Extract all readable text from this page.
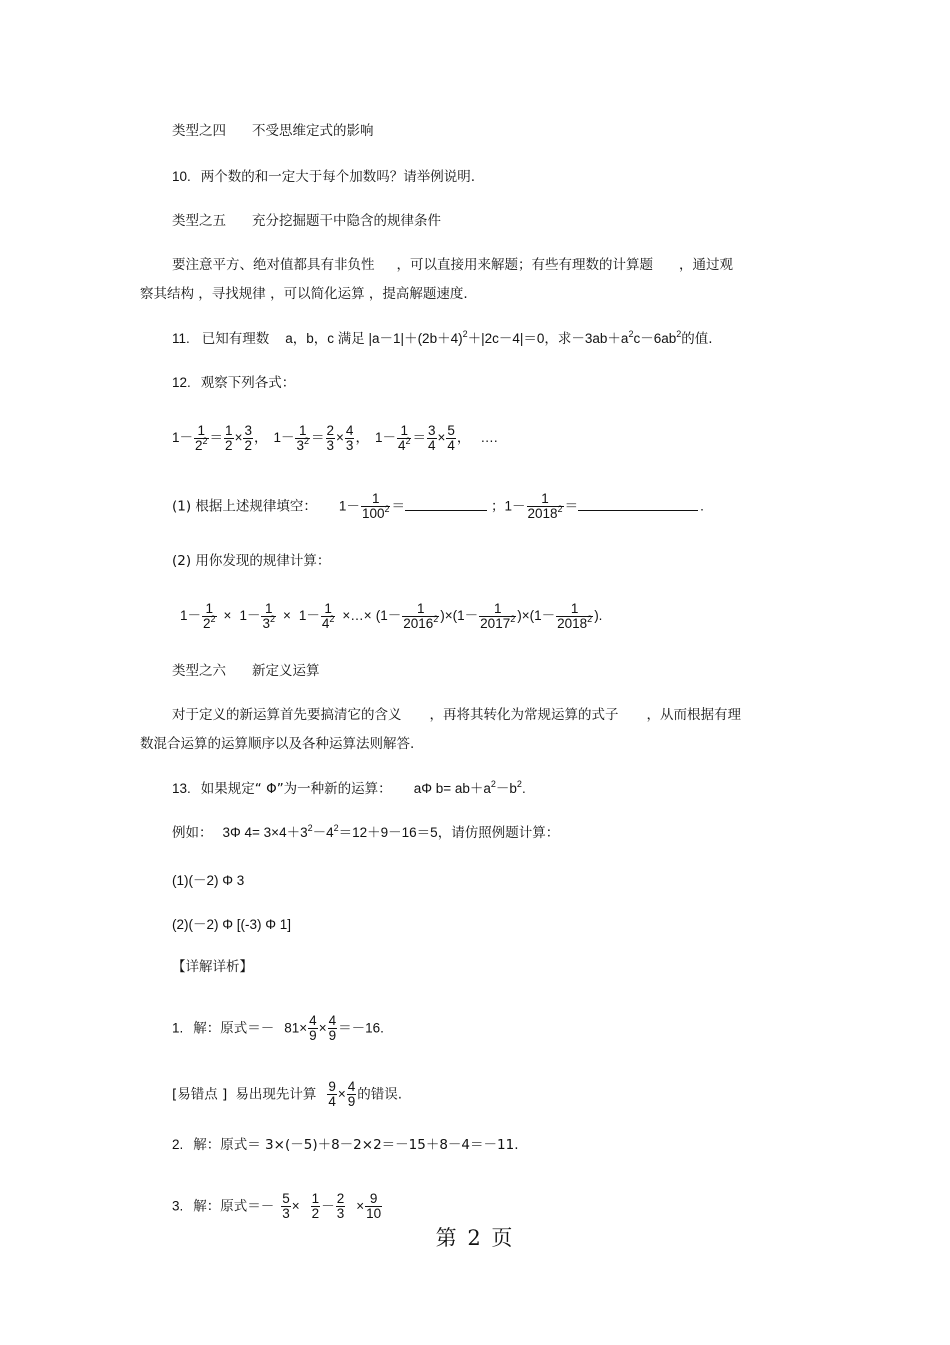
类型之四 不受思维定式的影响
10. 两个数的和一定大于每个加数吗？请举例说明.
类型之五 充分挖掘题干中隐含的规律条件
要注意平方、绝对值都具有非负性 ，可以直接用来解题；有些有理数的计算题 ，通过观
察其结构 ，寻找规律 ，可以简化运算 ，提高解题速度.
11. 已知有理数 a，b，c 满足 $|a-1|+(2b+4)^2+|2c-4|=0$，求$-3ab+a^2c-6ab^2$的值.
12. 观察下列各式：
$1- \frac{1}{2^2} = \frac{1}{2} \times \frac{3}{2}$ ， $1- \frac{1}{3^2} = \frac{2}{3} \times \frac{4}{3}$ ， $1- \frac{1}{4^2} = \frac{3}{4} \times \frac{5}{4}$ ， ….
(1) 根据上述规律填空： $1- \frac{1}{100^2}$ ＝	；$1- \frac{1}{2018^2}$ ＝	.
(2) 用你发现的规律计算：
$1- \frac{1}{2^2} \times 1- \frac{1}{3^2} \times 1- \frac{1}{4^2}$ ×…× $(1- \frac{1}{2016^2} )\times(1- \frac{1}{2017^2} )\times(1- \frac{1}{2018^2}$ ).
类型之六 新定义运算
对于定义的新运算首先要搞清它的含义 ，再将其转化为常规运算的式子 ，从而根据有理
数混合运算的运算顺序以及各种运算法则解答.
13. 如果规定“ Φ”为一种新的运算： aΦ $b= ab+a^2-b^2$.
例如： 3Φ $4= 3\times 4+3^2-4^2=12+9-16=5$，请仿照例题计算：
(1)(－2) Φ 3
(2)(－2) Φ [(-3) Φ 1]
【详解详析】
1. 解：原式＝－ $81\times \frac{4}{9} \times \frac{4}{9} =-16$.
[易错点 ] 易出现先计算 $\frac{9}{4} \times \frac{4}{9}$ 的错误.
2. 解：原式＝ 3×(－5)＋8－2×2＝－15＋8－4＝－11.
3. 解：原式＝－ $\frac{5}{3} \times \frac{1}{2} - \frac{2}{3} \times \frac{9}{10}$
第 2 页
